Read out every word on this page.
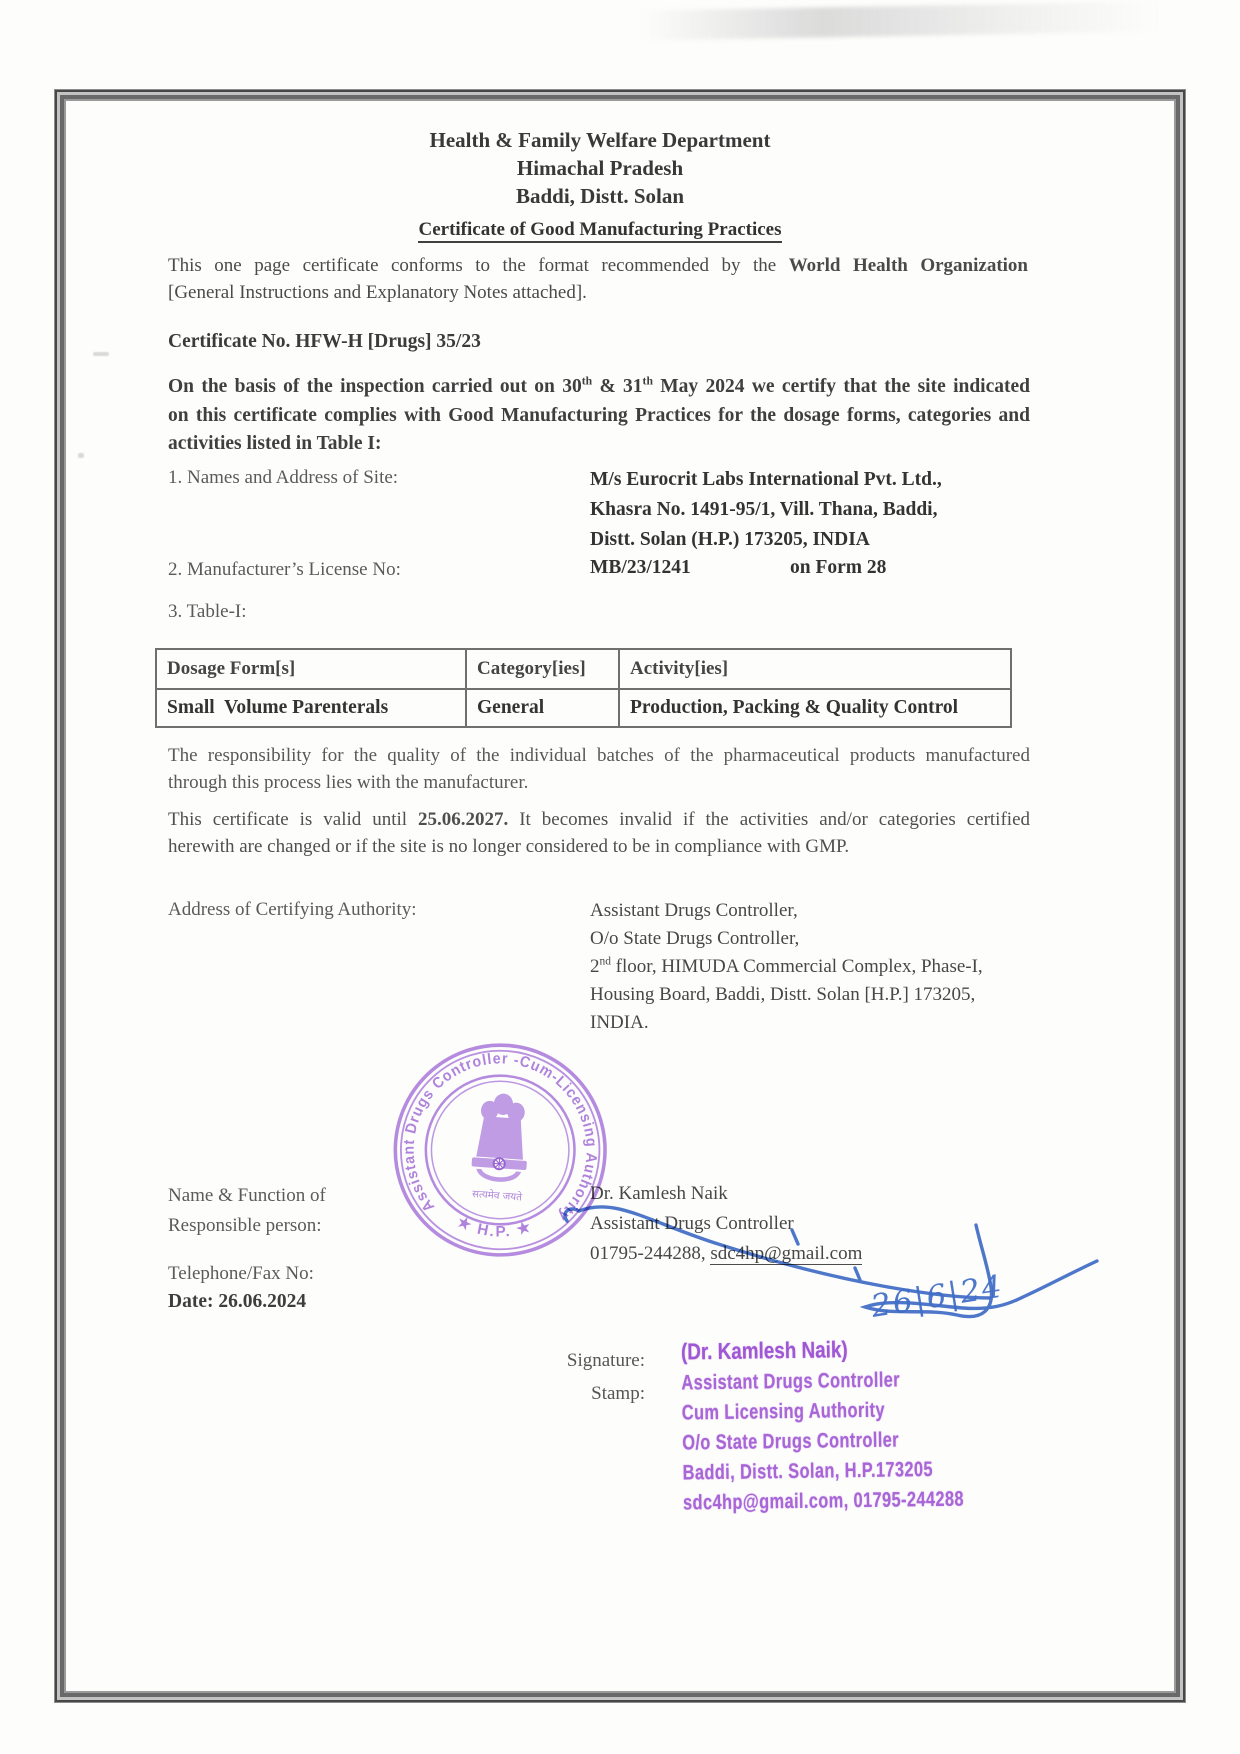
Health & Family Welfare Department
Himachal Pradesh
Baddi, Distt. Solan
Certificate of Good Manufacturing Practices
This one page certificate conforms to the format recommended by the World Health Organization
[General Instructions and Explanatory Notes attached].
Certificate No. HFW-H [Drugs] 35/23
On the basis of the inspection carried out on 30th & 31th May 2024 we certify that the site indicated
on this certificate complies with Good Manufacturing Practices for the dosage forms, categories and
activities listed in Table I:
1. Names and Address of Site:	M/s Eurocrit Labs International Pvt. Ltd.,
Khasra No. 1491-95/1, Vill. Thana, Baddi,
Distt. Solan (H.P.) 173205, INDIA
2. Manufacturer’s License No:	MB/23/1241	on Form 28
3. Table-I:
Dosage Form[s]	Category[ies]	Activity[ies]
Small  Volume Parenterals	General	Production, Packing & Quality Control
The responsibility for the quality of the individual batches of the pharmaceutical products manufactured
through this process lies with the manufacturer.
This certificate is valid until 25.06.2027. It becomes invalid if the activities and/or categories certified
herewith are changed or if the site is no longer considered to be in compliance with GMP.
Address of Certifying Authority:	Assistant Drugs Controller,
O/o State Drugs Controller,
2nd floor, HIMUDA Commercial Complex, Phase-I,
Housing Board, Baddi, Distt. Solan [H.P.] 173205,
INDIA.
Name & Function of
Responsible person:
Dr. Kamlesh Naik
Assistant Drugs Controller
01795-244288, sdc4hp@gmail.com
Telephone/Fax No:
Date: 26.06.2024
Signature:
Stamp:
(Dr. Kamlesh Naik)
Assistant Drugs Controller
Cum Licensing Authority
O/o State Drugs Controller
Baddi, Distt. Solan, H.P.173205
sdc4hp@gmail.com, 01795-244288
Assistant Drugs Controller -Cum-Licensing Authority
★ H.P. ★
सत्यमेव जयते
26|6|24
